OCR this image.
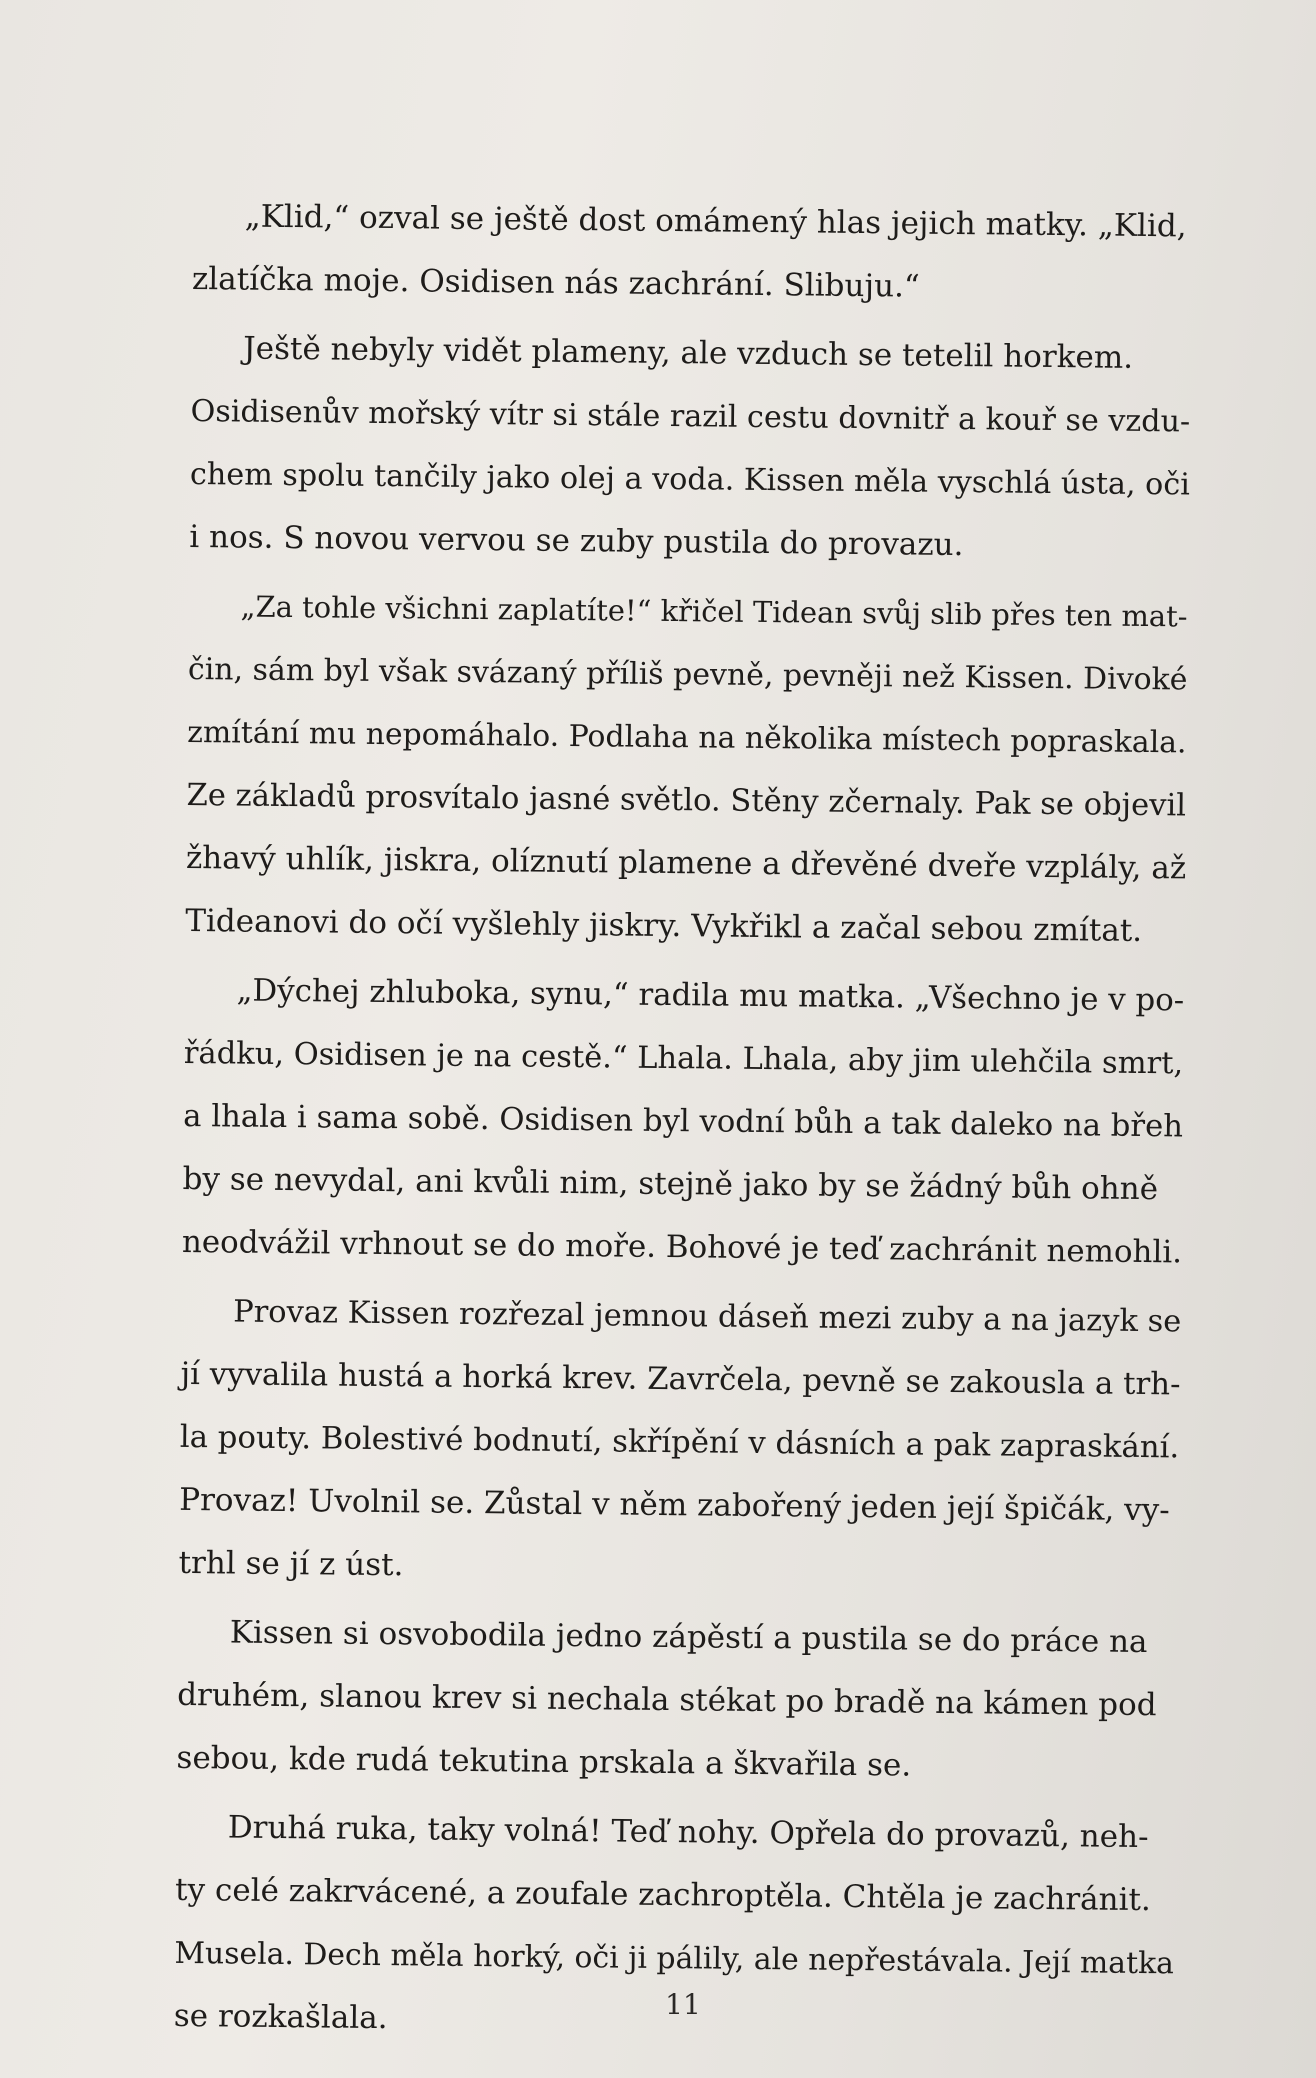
„Klid,“ ozval se ještě dost omámený hlas jejich matky. „Klid,
zlatíčka moje. Osidisen nás zachrání. Slibuju.“

Ještě nebyly vidět plameny, ale vzduch se tetelil horkem.
Osidisenův mořský vítr si stále razil cestu dovnitř a kouř se vzdu-
chem spolu tančily jako olej a voda. Kissen měla vyschlá ústa, oči
i nos. S novou vervou se zuby pustila do provazu.

„Za tohle všichni zaplatíte!“ křičel Tidean svůj slib přes ten mat-
čin, sám byl však svázaný příliš pevně, pevněji než Kissen. Divoké
zmítání mu nepomáhalo. Podlaha na několika místech popraskala.
Ze základů prosvítalo jasné světlo. Stěny zčernaly. Pak se objevil
žhavý uhlík, jiskra, olíznutí plamene a dřevěné dveře vzplály, až
Tideanovi do očí vyšlehly jiskry. Vykřikl a začal sebou zmítat.

„Dýchej zhluboka, synu,“ radila mu matka. „Všechno je v po-
řádku, Osidisen je na cestě.“ Lhala. Lhala, aby jim ulehčila smrt,
a lhala i sama sobě. Osidisen byl vodní bůh a tak daleko na břeh
by se nevydal, ani kvůli nim, stejně jako by se žádný bůh ohně
neodvážil vrhnout se do moře. Bohové je teď zachránit nemohli.

Provaz Kissen rozřezal jemnou dáseň mezi zuby a na jazyk se
jí vyvalila hustá a horká krev. Zavrčela, pevně se zakousla a trh-
la pouty. Bolestivé bodnutí, skřípění v dásních a pak zapraskání.
Provaz! Uvolnil se. Zůstal v něm zabořený jeden její špičák, vy-
trhl se jí z úst.

Kissen si osvobodila jedno zápěstí a pustila se do práce na
druhém, slanou krev si nechala stékat po bradě na kámen pod
sebou, kde rudá tekutina prskala a škvařila se.

Druhá ruka, taky volná! Teď nohy. Opřela do provazů, neh-
ty celé zakrvácené, a zoufale zachroptěla. Chtěla je zachránit.
Musela. Dech měla horký, oči ji pálily, ale nepřestávala. Její matka
se rozkašlala.	11
